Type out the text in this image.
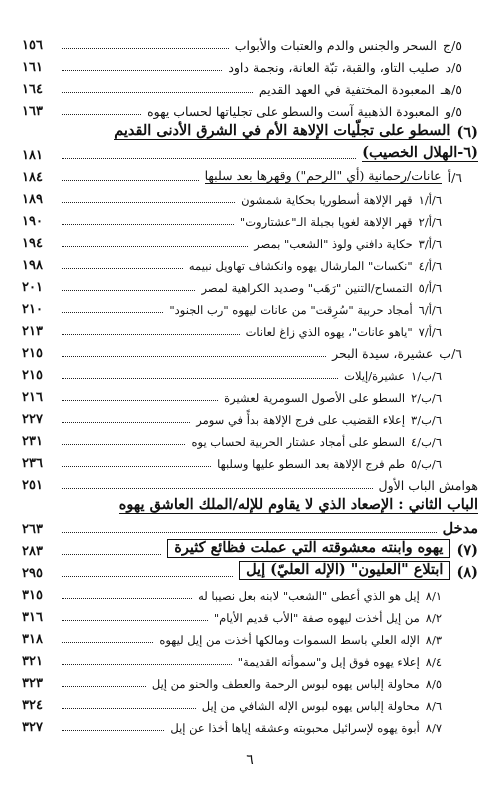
٥/ج
السحر والجنس والدم والعتبات والأبواب
١٥٦
٥/د
صليب التاو، والقبة، تبّة العانة، ونجمة داود
١٦١
٥/هـ
المعبودة المختفية في العهد القديم
١٦٤
٥/و
المعبودة الذهبية آست والسطو على تجلياتها لحساب يهوه
١٦٣
(٦)
السطو على تجلّيات الإلاهة الأم في الشرق الأدنى القديم
(٦-الهلال الخصيب)
١٨١
٦/أ
عانات/رحمانية (أي "الرحم") وقهرها بعد سلبها
١٨٤
٦/أ/١
قهر الإلاهة أسطوريا بحكاية شمشون
١٨٩
٦/أ/٢
قهر الإلاهة لغويا بجبلة الـ"عشتاروت"
١٩٠
٦/أ/٣
حكاية دافني ولوذ "الشعب" بمصر
١٩٤
٦/أ/٤
"نكسات" المارشال يهوه وانكشاف تهاويل نبيمه
١٩٨
٦/أ/٥
التمساح/التنين "رَهَب" وصديد الكراهية لمصر
٢٠١
٦/أ/٦
أمجاد حربية "سُرِقت" من عانات ليهوه "رب الجنود"
٢١٠
٦/أ/٧
"ياهو عانات"، يهوه الذي زاغ لعانات
٢١٣
٦/ب
عشيرة، سيدة البحر
٢١٥
٦/ب/١
عشيرة/إيلات
٢١٥
٦/ب/٢
السطو على الأصول السومرية لعشيرة
٢١٦
٦/ب/٣
إعلاء القضيب على فرج الإلاهة بدأً في سومر
٢٢٧
٦/ب/٤
السطو على أمجاد عشتار الحربية لحساب يوه
٢٣١
٦/ب/٥
طم فرج الإلاهة بعد السطو عليها وسلبها
٢٣٦
هوامش الباب الأول
٢٥١
الباب الثاني : الإصعاد الذي لا يقاوم للإله/الملك العاشق يهوه
مدخل
٢٦٣
(٧)
يهوه وابنته معشوقته التي عملت فظائع كثيرة
٢٨٣
(٨)
ابتلاع "العليون" (الإله العليّ) إيل
٢٩٥
٨/١
إيل هو الذي أعطى "الشعب" لابنه بعل نصيبا له
٣١٥
٨/٢
من إيل أخذت ليهوه صفة "الأب قديم الأيام"
٣١٦
٨/٣
الإله العلي باسط السموات ومالكها أخذت من إيل ليهوه
٣١٨
٨/٤
إعلاء يهوه فوق إيل و"سموأته القديمة"
٣٢١
٨/٥
محاولة إلباس يهوه لبوس الرحمة والعطف والحنو من إيل
٣٢٣
٨/٦
محاولة إلباس يهوه لبوس الإله الشافي من إيل
٣٢٤
٨/٧
أبوة يهوه لإسرائيل محبوبته وعشقه إياها أخذا عن إيل
٣٢٧
٦
